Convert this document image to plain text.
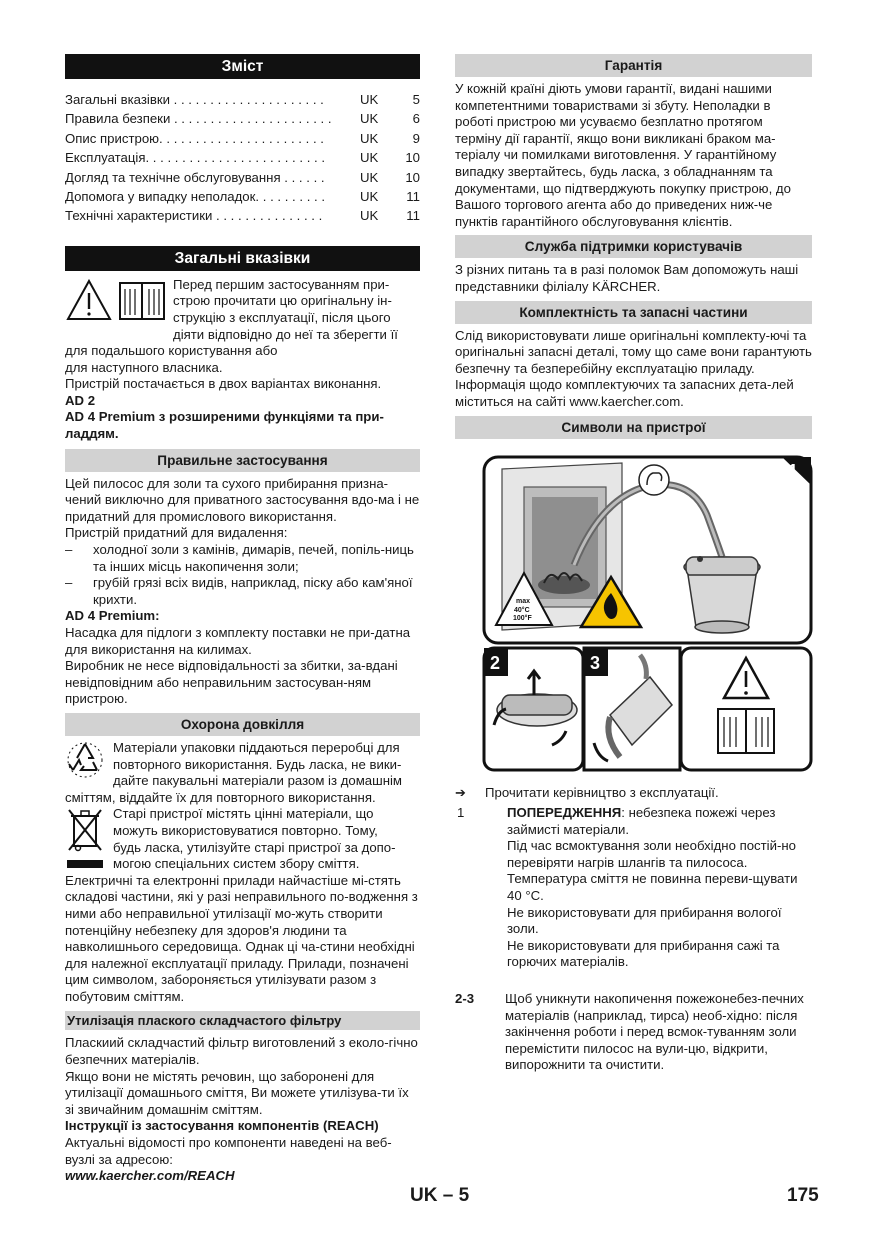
Зміст
Загальні вказівки . . . . . . . . . . . . . . . . . . . . .	UK	5
Правила безпеки . . . . . . . . . . . . . . . . . . . . . .	UK	6
Опис пристрою. . . . . . . . . . . . . . . . . . . . . . .	UK	9
Експлуатація. . . . . . . . . . . . . . . . . . . . . . . . .	UK	10
Догляд та технічне обслуговування . . . . . .	UK	10
Допомога у випадку неполадок. . . . . . . . . .	UK	11
Технічні характеристики . . . . . . . . . . . . . . .	UK	11
Загальні вказівки

Перед першим застосуванням при-

строю прочитати цю оригінальну ін-

струкцію з експлуатації, після цього

діяти відповідно до неї та зберегти її

для подальшого користування або

для наступного власника.

Пристрій постачається в двох варіантах виконання.

AD 2

AD 4 Premium з розширеними функціями та при-ладдям.

Правильне застосування

Цей пилосос для золи та сухого прибирання призна-чений виключно для приватного застосування вдо-ма і не придатний для промислового використання.

Пристрій придатний для видалення:

–	холодної золи з камінів, димарів, печей, попіль-ниць та інших місць накопичення золи;
–	грубій грязі всіх видів, наприклад, піску або кам'яної крихти.

AD 4 Premium:

Насадка для підлоги з комплекту поставки не при-датна для використання на килимах.

Виробник не несе відповідальності за збитки, за-вдані невідповідним або неправильним застосуван-ням пристрою.

Охорона довкілля

Матеріали упаковки піддаються переробці для

повторного використання. Будь ласка, не вики-

дайте пакувальні матеріали разом із домашнім

сміттям, віддайте їх для повторного використання.

Старі пристрої містять цінні матеріали, що

можуть використовуватися повторно. Тому,

будь ласка, утилізуйте старі пристрої за допо-

могою спеціальних систем збору сміття.

Електричні та електронні прилади найчастіше мі-стять складові частини, які у разі неправильного по-водження з ними або неправильної утилізації мо-жуть створити потенційну небезпеку для здоров'я людини та навколишнього середовища. Однак ці ча-стини необхідні для належної експлуатації приладу. Прилади, позначені цим символом, забороняється утилізувати разом з побутовим сміттям.

Утилізація плаского складчастого фільтру

Пласкиий складчастий фільтр виготовлений з еколо-гічно безпечних матеріалів.

Якщо вони не містять речовин, що заборонені для утилізації домашнього сміття, Ви можете утилізува-ти їх зі звичайним домашнім сміттям.

Інструкції із застосування компонентів (REACH)

Актуальні відомості про компоненти наведені на веб-вузлі за адресою:

www.kaercher.com/REACH

Гарантія

У кожній країні діють умови гарантії, видані нашими компетентними товариствами зі збуту. Неполадки в роботі пристрою ми усуваємо безплатно протягом терміну дії гарантії, якщо вони викликані браком ма-теріалу чи помилками виготовлення. У гарантійному випадку звертайтесь, будь ласка, з обладнанням та документами, що підтверджують покупку пристрою, до Вашого торгового агента або до приведених ниж-че пунктів гарантійного обслуговування клієнтів.

Служба підтримки користувачів

З різних питань та в разі поломок Вам допоможуть наші представники філіалу KÄRCHER.

Комплектність та запасні частини

Слід використовувати лише оригінальні комплекту-ючі та оригінальні запасні деталі, тому що саме вони гарантують безпечну та безперебійну експлуатацію приладу.

Інформація щодо комплектуючих та запасних дета-лей міститься на сайті www.kaercher.com.

Символи на пристрої
1
max
40°C
100°F
2	3
➔	Прочитати керівництво з експлуатації.
1	ПОПЕРЕДЖЕННЯ: небезпека пожежі через

займисті матеріали.

Під час всмоктування золи необхідно постій-но перевіряти нагрів шлангів та пилососа. Температура сміття не повинна переви-щувати 40 °C.

Не використовувати для прибирання вологої золи.

Не використовувати для прибирання сажі та горючих матеріалів.

2-3	Щоб уникнути накопичення пожежонебез-печних матеріалів (наприклад, тирса) необ-хідно: після закінчення роботи і перед всмок-туванням золи перемістити пилосос на вули-цю, відкрити, випорожнити та очистити.

UK – 5	175
